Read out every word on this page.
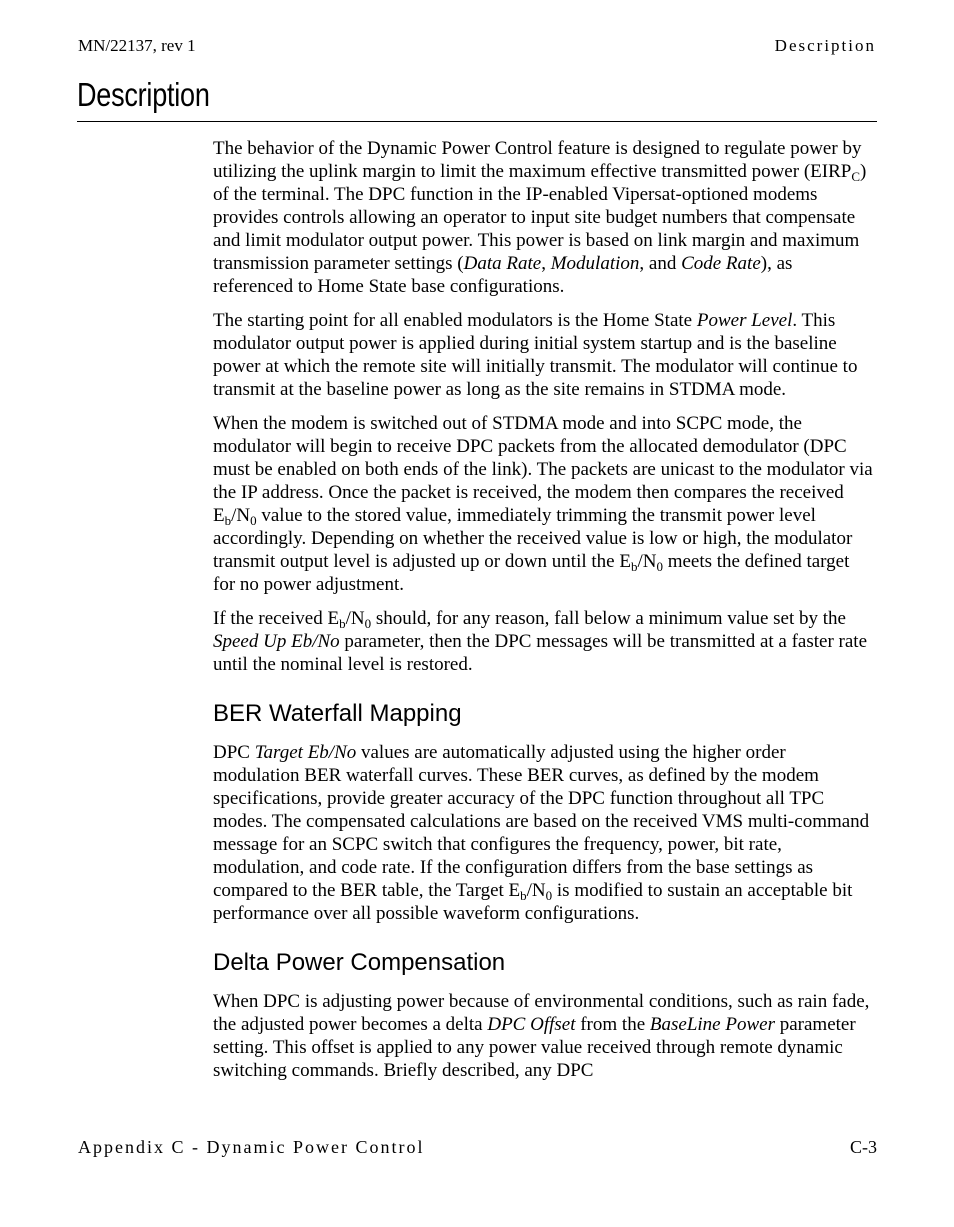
MN/22137, rev 1	Description
Description

The behavior of the Dynamic Power Control feature is designed to regulate power by utilizing the uplink margin to limit the maximum effective transmitted power $(EIRP_C)$ of the terminal. The DPC function in the IP-enabled Vipersat-optioned modems provides controls allowing an operator to input site budget numbers that compensate and limit modulator output power. This power is based on link margin and maximum transmission parameter settings (Data Rate, Modulation, and Code Rate), as referenced to Home State base configurations.

The starting point for all enabled modulators is the Home State Power Level. This modulator output power is applied during initial system startup and is the baseline power at which the remote site will initially transmit. The modulator will continue to transmit at the baseline power as long as the site remains in STDMA mode.

When the modem is switched out of STDMA mode and into SCPC mode, the modulator will begin to receive DPC packets from the allocated demodulator (DPC must be enabled on both ends of the link). The packets are unicast to the modulator via the IP address. Once the packet is received, the modem then compares the received $E_b/N_0$ value to the stored value, immediately trimming the transmit power level accordingly. Depending on whether the received value is low or high, the modulator transmit output level is adjusted up or down until the $E_b/N_0$ meets the defined target for no power adjustment.

If the received $E_b/N_0$ should, for any reason, fall below a minimum value set by the Speed Up Eb/No parameter, then the DPC messages will be transmitted at a faster rate until the nominal level is restored.

BER Waterfall Mapping

DPC Target Eb/No values are automatically adjusted using the higher order modulation BER waterfall curves. These BER curves, as defined by the modem specifications, provide greater accuracy of the DPC function throughout all TPC modes. The compensated calculations are based on the received VMS multi-command message for an SCPC switch that configures the frequency, power, bit rate, modulation, and code rate. If the configuration differs from the base settings as compared to the BER table, the Target $E_b/N_0$ is modified to sustain an acceptable bit performance over all possible waveform configurations.

Delta Power Compensation

When DPC is adjusting power because of environmental conditions, such as rain fade, the adjusted power becomes a delta DPC Offset from the BaseLine Power parameter setting. This offset is applied to any power value received through remote dynamic switching commands. Briefly described, any DPC

Appendix C - Dynamic Power Control	C-3
